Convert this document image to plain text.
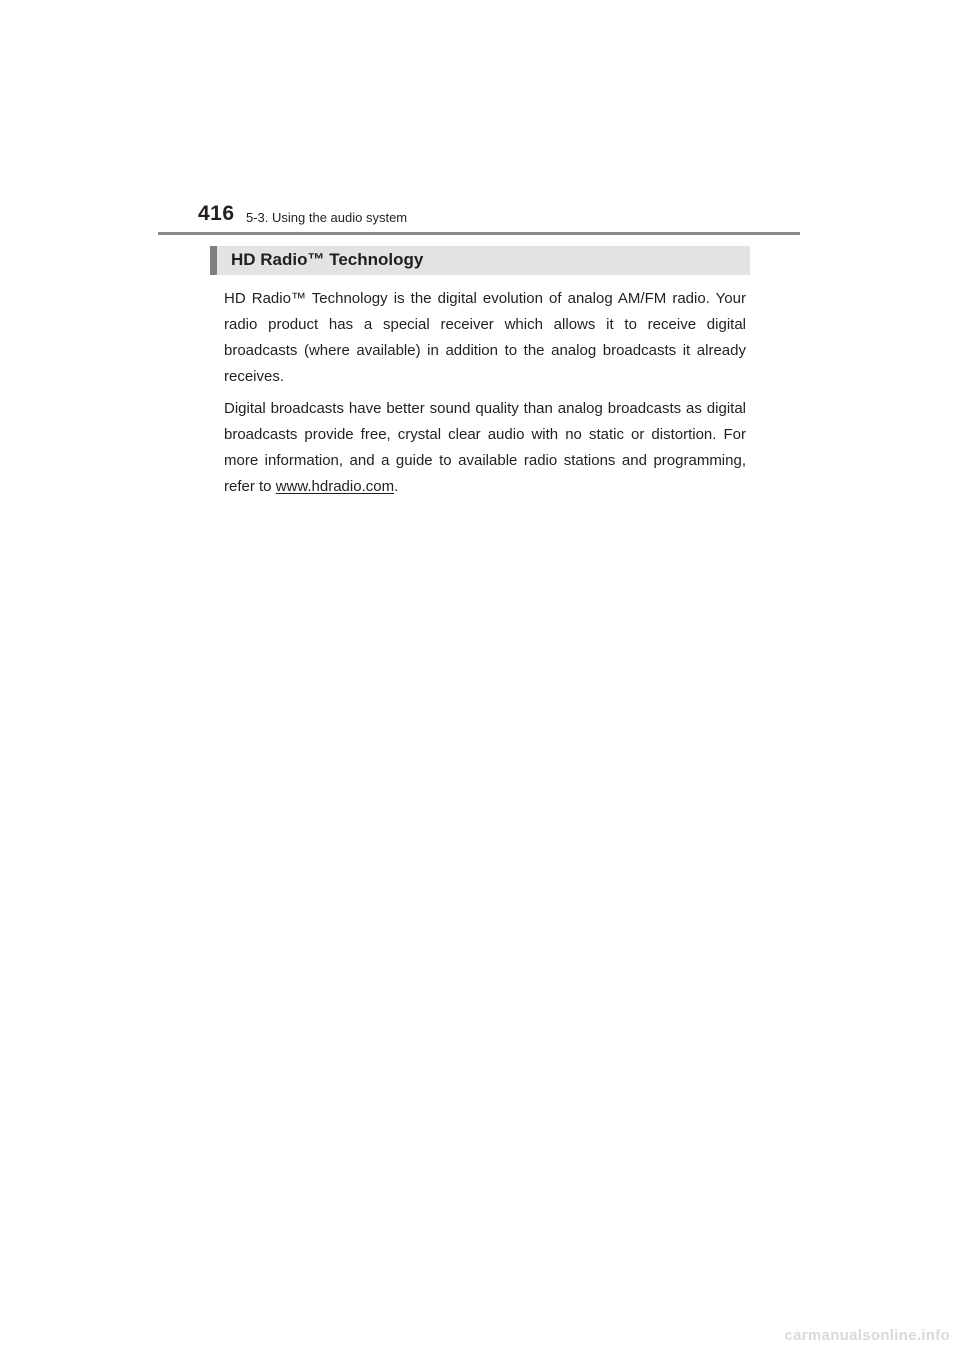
416 5-3. Using the audio system
HD Radio™ Technology

HD Radio™ Technology is the digital evolution of analog AM/FM radio. Your radio product has a special receiver which allows it to receive digital broadcasts (where available) in addition to the analog broadcasts it already receives.

Digital broadcasts have better sound quality than analog broadcasts as digital broadcasts provide free, crystal clear audio with no static or distortion. For more information, and a guide to available radio stations and programming, refer to www.hdradio.com.

carmanualsonline.info
